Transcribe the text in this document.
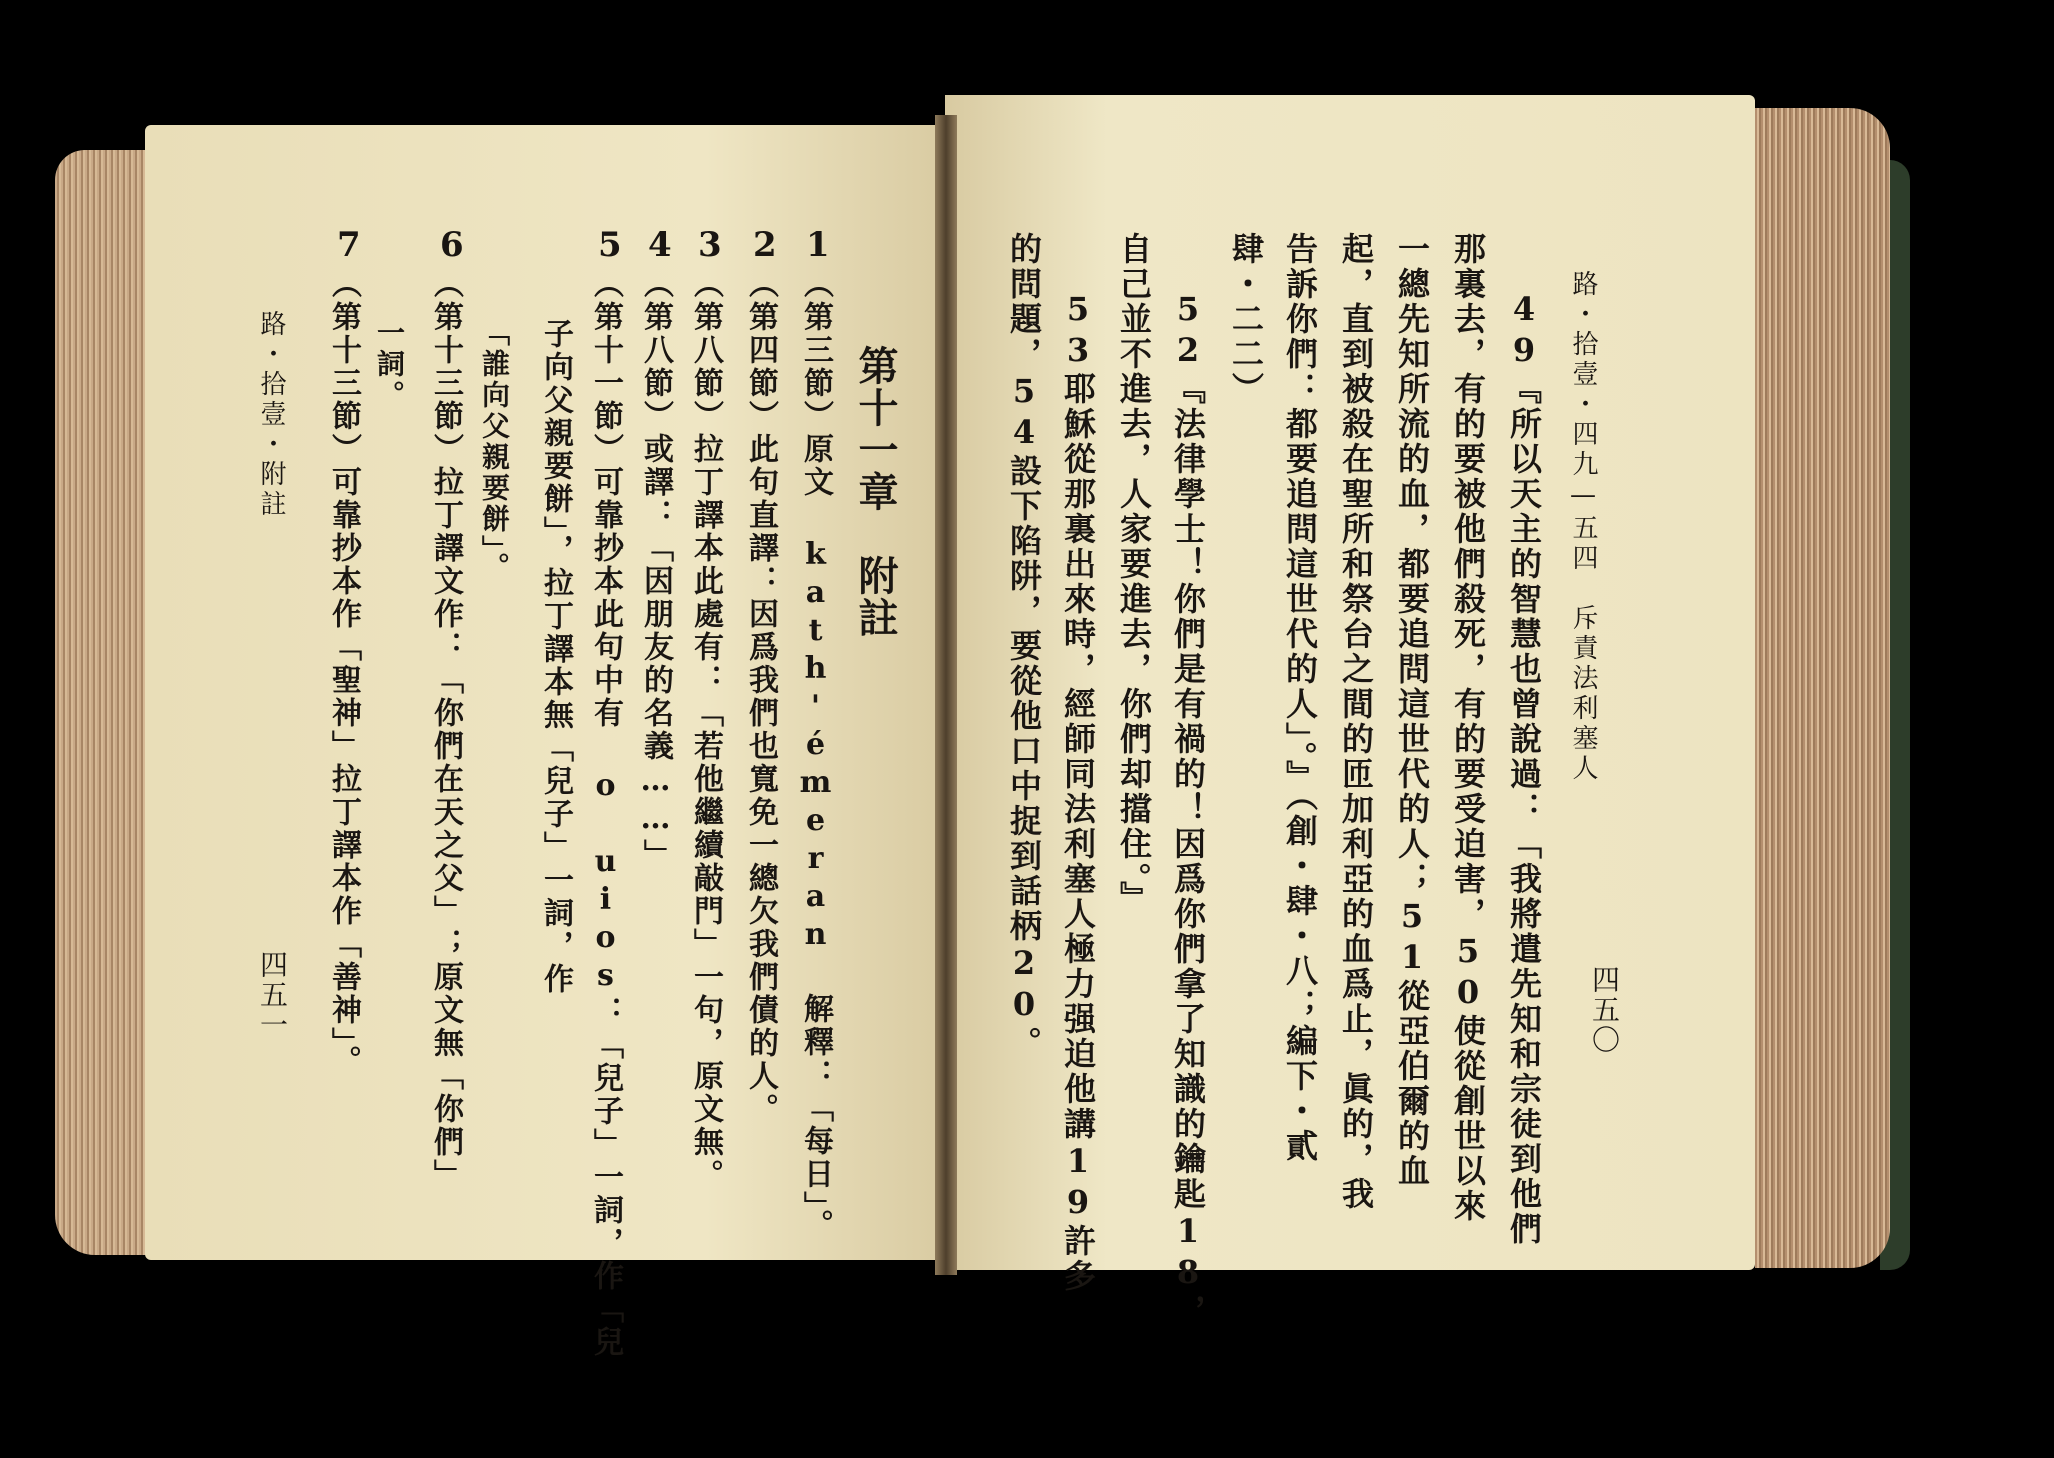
路・拾壹・附註
四五一
第十一章　附註
1
（第三節）原文 kath'émeran 解釋：「每日」。
2
（第四節）此句直譯：因爲我們也寬免一總欠我們債的人。
3
（第八節）拉丁譯本此處有：「若他繼續敲門」一句，原文無。
4
（第八節）或譯：「因朋友的名義……」
5
（第十一節）可靠抄本此句中有 o uios：「兒子」一詞，作「兒
子向父親要餅」，拉丁譯本無「兒子」一詞，作
「誰向父親要餅」。
6
（第十三節）拉丁譯文作：「你們在天之父」；原文無「你們」
一詞。
7
（第十三節）可靠抄本作「聖神」拉丁譯本作「善神」。	路・拾壹・四九—五四　斥責法利塞人
四五〇
49『所以天主的智慧也曾說過：「我將遣先知和宗徒到他們
那裏去，有的要被他們殺死，有的要受迫害，50使從創世以來
一總先知所流的血，都要追問這世代的人；51從亞伯爾的血
起，直到被殺在聖所和祭台之間的匝加利亞的血爲止，眞的，我
告訴你們：都要追問這世代的人」。』（創・肆・八；編下・貳
肆・二二）
52『法律學士！你們是有禍的！因爲你們拿了知識的鑰匙18，
自己並不進去，人家要進去，你們却擋住。』
53耶穌從那裏出來時，經師同法利塞人極力强迫他講19許多
的問題，54設下陷阱，要從他口中捉到話柄20。
